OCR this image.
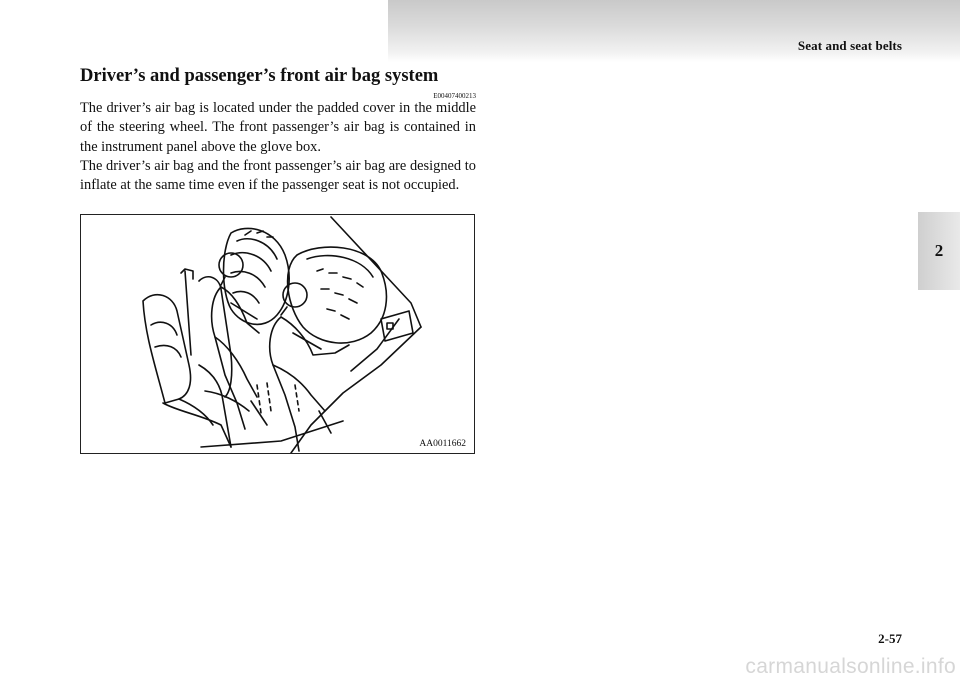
Seat and seat belts
2
Driver’s and passenger’s front air bag system
E00407400213

The driver’s air bag is located under the padded cover in the middle of the steering wheel. The front passenger’s air bag is contained in the instrument panel above the glove box.

The driver’s air bag and the front passenger’s air bag are designed to inflate at the same time even if the passenger seat is not occupied.

AA0011662
2-57
carmanualsonline.info
